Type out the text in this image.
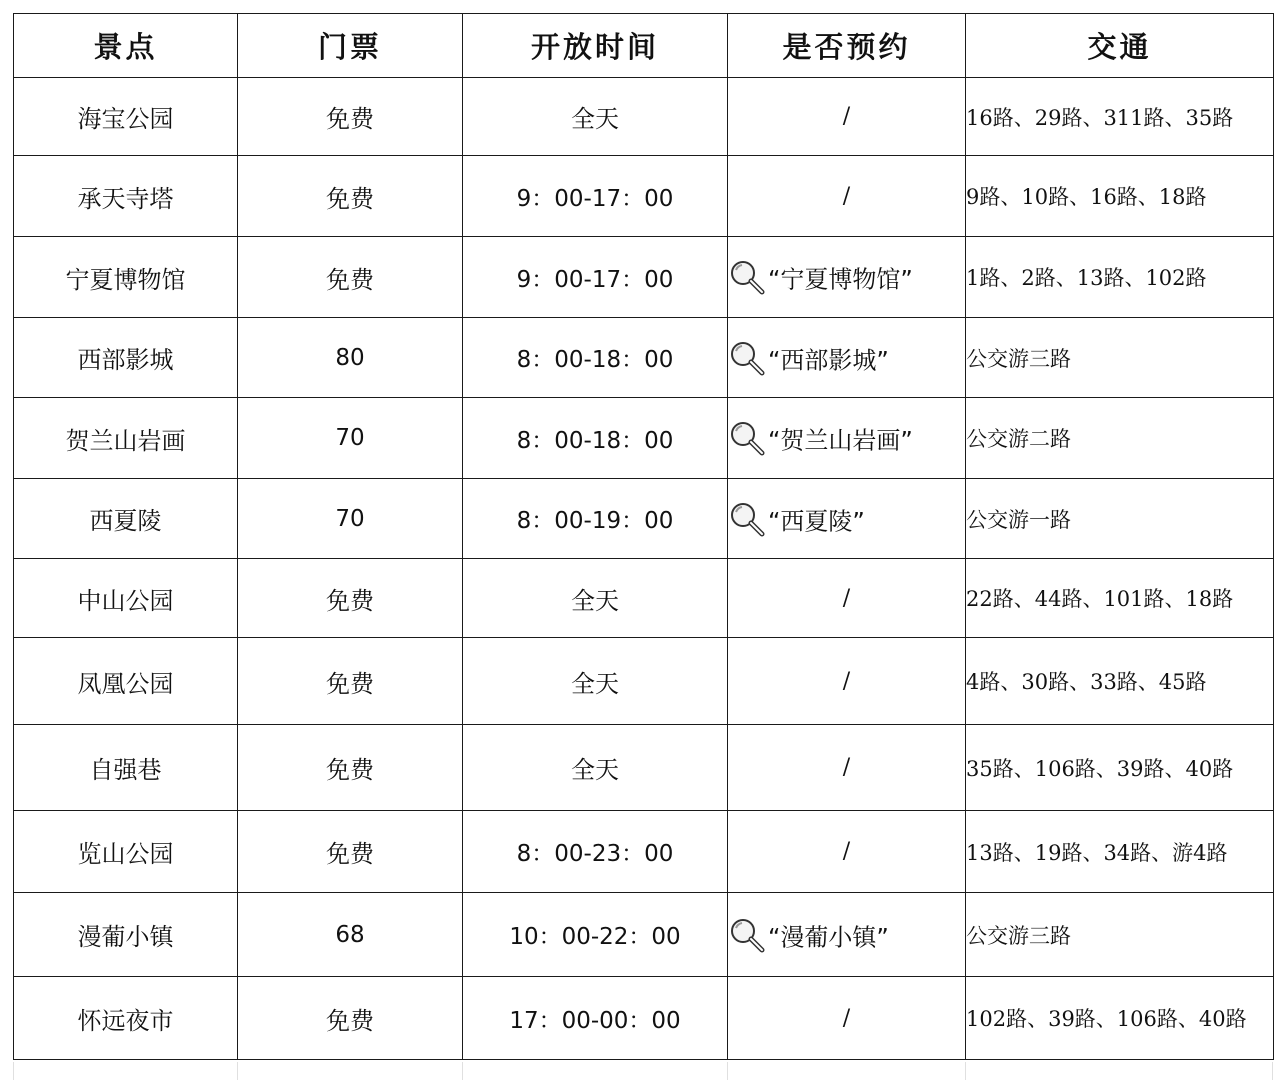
景点	门票	开放时间	是否预约	交通
海宝公园	免费	全天	/	16路、29路、311路、35路
承天寺塔	免费	9：00-17：00	/	9路、10路、16路、18路
宁夏博物馆	免费	9：00-17：00	“宁夏博物馆”	1路、2路、13路、102路
西部影城	80	8：00-18：00	“西部影城”	公交游三路
贺兰山岩画	70	8：00-18：00	“贺兰山岩画”	公交游二路
西夏陵	70	8：00-19：00	“西夏陵”	公交游一路
中山公园	免费	全天	/	22路、44路、101路、18路
凤凰公园	免费	全天	/	4路、30路、33路、45路
自强巷	免费	全天	/	35路、106路、39路、40路
览山公园	免费	8：00-23：00	/	13路、19路、34路、游4路
漫葡小镇	68	10：00-22：00	“漫葡小镇”	公交游三路
怀远夜市	免费	17：00-00：00	/	102路、39路、106路、40路
